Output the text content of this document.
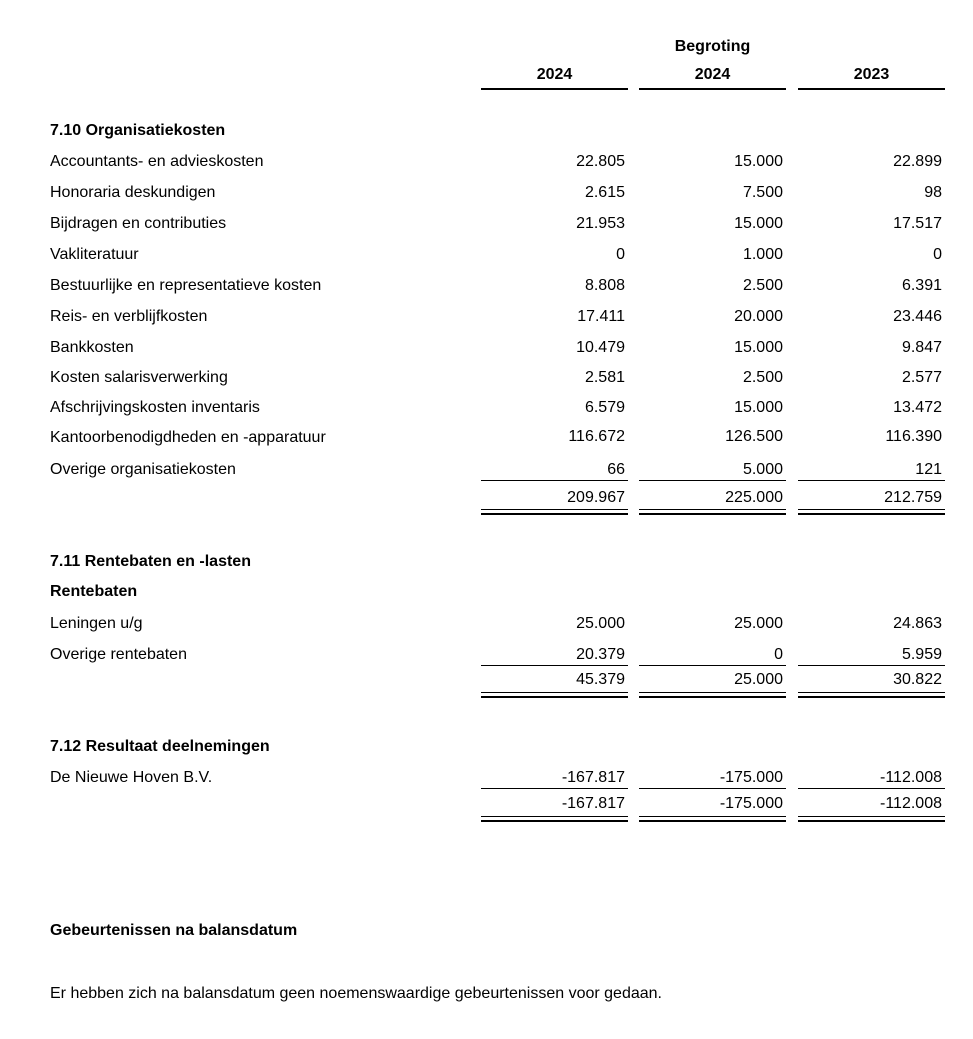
Begroting
2024	2024	2023
7.10 Organisatiekosten
Accountants- en advieskosten	22.805	15.000	22.899
Honoraria deskundigen	2.615	7.500	98
Bijdragen en contributies	21.953	15.000	17.517
Vakliteratuur	0	1.000	0
Bestuurlijke en representatieve kosten	8.808	2.500	6.391
Reis- en verblijfkosten	17.411	20.000	23.446
Bankkosten	10.479	15.000	9.847
Kosten salarisverwerking	2.581	2.500	2.577
Afschrijvingskosten inventaris	6.579	15.000	13.472
Kantoorbenodigdheden en -apparatuur	116.672	126.500	116.390
Overige organisatiekosten	66	5.000	121
209.967	225.000	212.759
7.11 Rentebaten en -lasten
Rentebaten
Leningen u/g	25.000	25.000	24.863
Overige rentebaten	20.379	0	5.959
45.379	25.000	30.822
7.12 Resultaat deelnemingen
De Nieuwe Hoven B.V.	-167.817	-175.000	-112.008
-167.817	-175.000	-112.008
Gebeurtenissen na balansdatum
Er hebben zich na balansdatum geen noemenswaardige gebeurtenissen voor gedaan.
